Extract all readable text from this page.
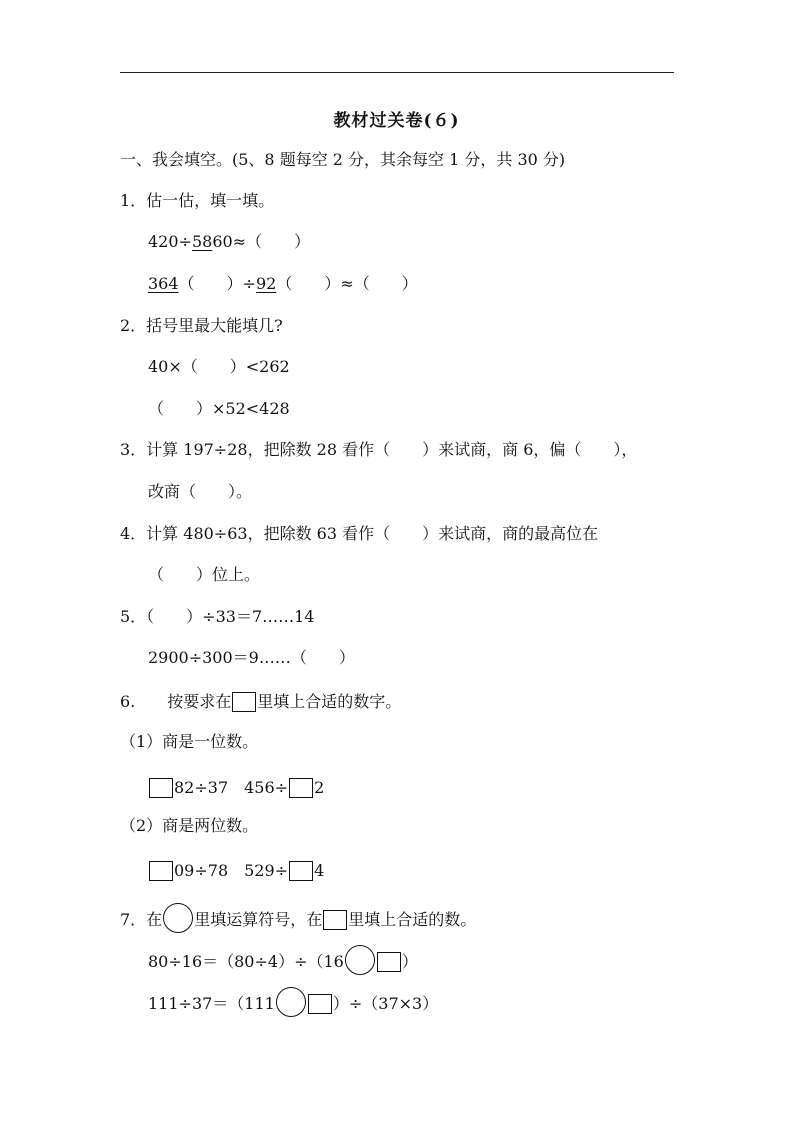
教材过关卷(６)
一、我会填空。(5、8 题每空 2 分，其余每空 1 分，共 30 分)
1．估一估，填一填。
420÷5860≈（　　）
364（　　）÷92（　　）≈（　　）
2．括号里最大能填几?
40×（　　）<262
（　　）×52<428
3．计算 197÷28，把除数 28 看作（　　）来试商，商 6，偏（　　），
改商（　　）。
4．计算 480÷63，把除数 63 看作（　　）来试商，商的最高位在
（　　）位上。
5．（　　）÷33＝7……14
2900÷300＝9……（　　）
6.　　按要求在 里填上合适的数字。
（1）商是一位数。
82÷37　456÷ 2
（2）商是两位数。
09÷78　529÷ 4
7．在 里填运算符号，在 里填上合适的数。
80÷16＝（80÷4）÷（16	）
111÷37＝（111	）÷（37×3）
